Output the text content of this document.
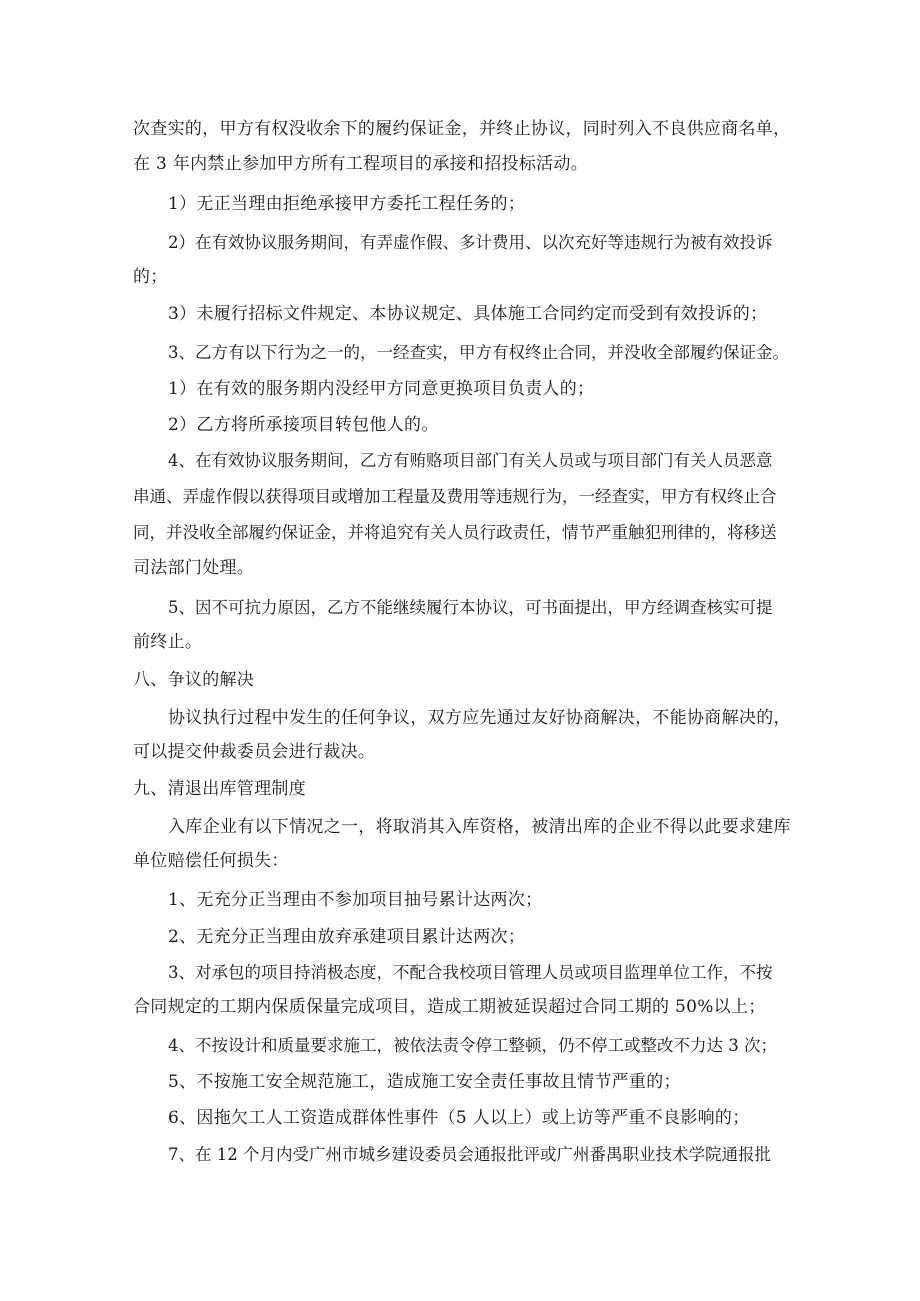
次查实的，甲方有权没收余下的履约保证金，并终止协议，同时列入不良供应商名单，
在 3 年内禁止参加甲方所有工程项目的承接和招投标活动。
1）无正当理由拒绝承接甲方委托工程任务的；
2）在有效协议服务期间，有弄虚作假、多计费用、以次充好等违规行为被有效投诉
的；
3）未履行招标文件规定、本协议规定、具体施工合同约定而受到有效投诉的；
3、乙方有以下行为之一的，一经查实，甲方有权终止合同，并没收全部履约保证金。
1）在有效的服务期内没经甲方同意更换项目负责人的；
2）乙方将所承接项目转包他人的。
4、在有效协议服务期间，乙方有贿赂项目部门有关人员或与项目部门有关人员恶意
串通、弄虚作假以获得项目或增加工程量及费用等违规行为，一经查实，甲方有权终止合
同，并没收全部履约保证金，并将追究有关人员行政责任，情节严重触犯刑律的，将移送
司法部门处理。
5、因不可抗力原因，乙方不能继续履行本协议，可书面提出，甲方经调查核实可提
前终止。
八、争议的解决
协议执行过程中发生的任何争议，双方应先通过友好协商解决，不能协商解决的，
可以提交仲裁委员会进行裁决。
九、清退出库管理制度
入库企业有以下情况之一，将取消其入库资格，被清出库的企业不得以此要求建库
单位赔偿任何损失：
1、无充分正当理由不参加项目抽号累计达两次；
2、无充分正当理由放弃承建项目累计达两次；
3、对承包的项目持消极态度，不配合我校项目管理人员或项目监理单位工作，不按
合同规定的工期内保质保量完成项目，造成工期被延误超过合同工期的 50%以上；
4、不按设计和质量要求施工，被依法责令停工整顿，仍不停工或整改不力达 3 次；
5、不按施工安全规范施工，造成施工安全责任事故且情节严重的；
6、因拖欠工人工资造成群体性事件（5 人以上）或上访等严重不良影响的；
7、在 12 个月内受广州市城乡建设委员会通报批评或广州番禺职业技术学院通报批
